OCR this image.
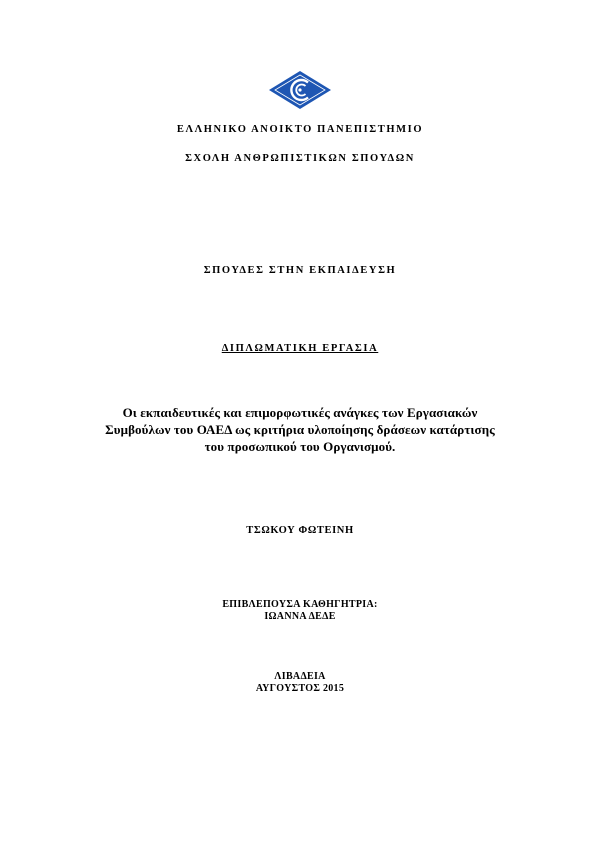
ΕΛΛΗΝΙΚΟ ΑΝΟΙΚΤΟ ΠΑΝΕΠΙΣΤΗΜΙΟ
ΣΧΟΛΗ ΑΝΘΡΩΠΙΣΤΙΚΩΝ ΣΠΟΥΔΩΝ
ΣΠΟΥΔΕΣ ΣΤΗΝ ΕΚΠΑΙΔΕΥΣΗ
ΔΙΠΛΩΜΑΤΙΚΗ ΕΡΓΑΣΙΑ
Οι εκπαιδευτικές και επιμορφωτικές ανάγκες των Εργασιακών
Συμβούλων του ΟΑΕΔ ως κριτήρια υλοποίησης δράσεων κατάρτισης
του προσωπικού του Οργανισμού.
ΤΣΩΚΟΥ ΦΩΤΕΙΝΗ
ΕΠΙΒΛΕΠΟΥΣΑ ΚΑΘΗΓΗΤΡΙΑ:
ΙΩΑΝΝΑ ΔΕΔΕ
ΛΙΒΑΔΕΙΑ
ΑΥΓΟΥΣΤΟΣ 2015
